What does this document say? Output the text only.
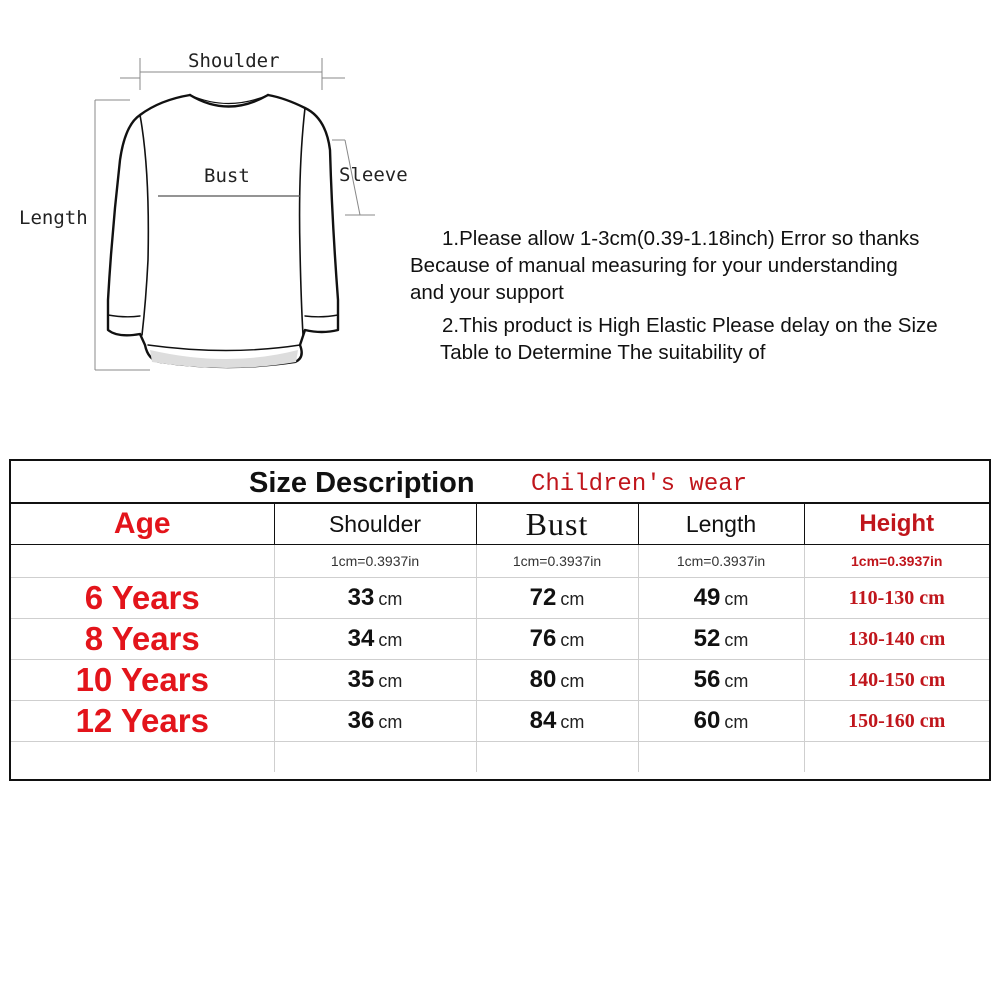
Shoulder
Bust	Sleeve
Length
1.Please allow 1-3cm(0.39-1.18inch) Error so thanks
Because of manual measuring for your understanding
and your support
2.This product is High Elastic Please delay on the Size
Table to Determine The suitability of
Size Description Children's wear
Age	Shoulder	Bust	Length	Height
	1cm=0.3937in	1cm=0.3937in	1cm=0.3937in	1cm=0.3937in
6 Years	33 cm	72 cm	49 cm	110-130 cm
8 Years	34 cm	76 cm	52 cm	130-140 cm
10 Years	35 cm	80 cm	56 cm	140-150 cm
12 Years	36 cm	84 cm	60 cm	150-160 cm
